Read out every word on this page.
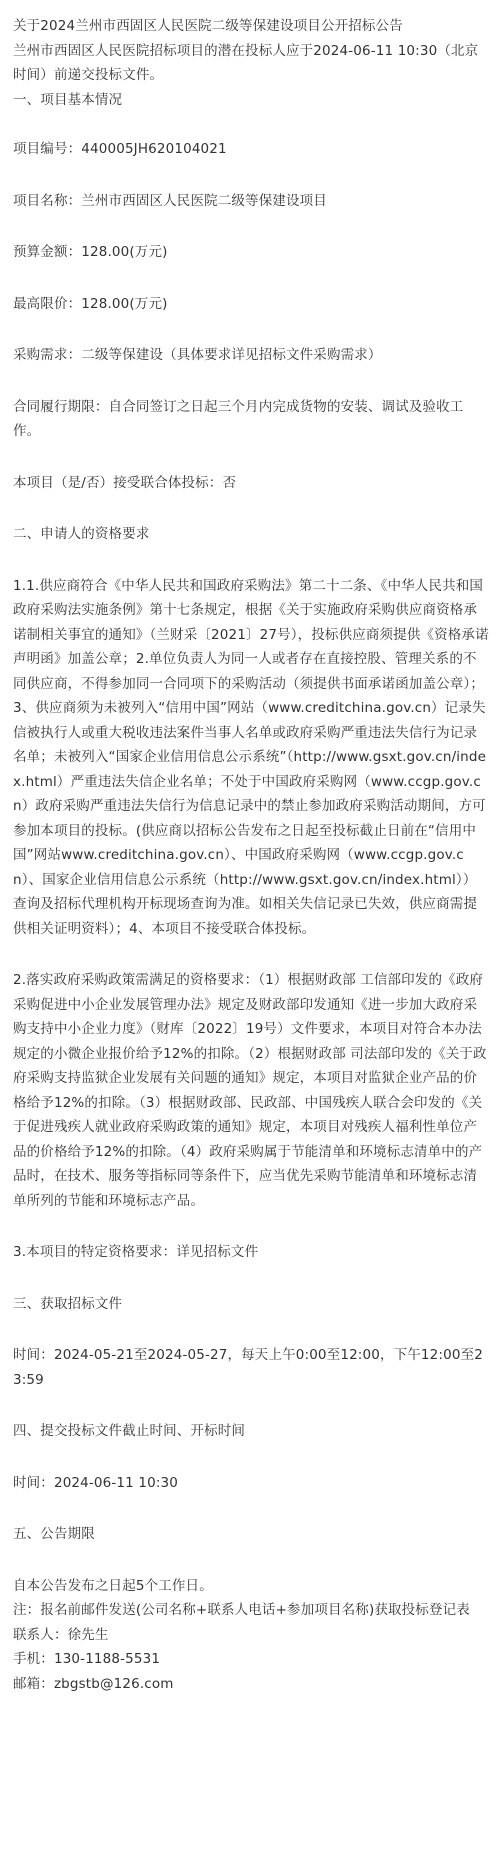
关于2024兰州市西固区人民医院二级等保建设项目公开招标公告

兰州市西固区人民医院招标项目的潜在投标人应于2024-06-11 10:30（北京时间）前递交投标文件。

一、项目基本情况

项目编号：440005JH620104021

项目名称：兰州市西固区人民医院二级等保建设项目

预算金额：128.00(万元)

最高限价：128.00(万元)

采购需求：二级等保建设（具体要求详见招标文件采购需求）

合同履行期限：自合同签订之日起三个月内完成货物的安装、调试及验收工作。

本项目（是/否）接受联合体投标：否

二、申请人的资格要求

1.1.供应商符合《中华人民共和国政府采购法》第二十二条、《中华人民共和国政府采购法实施条例》第十七条规定，根据《关于实施政府采购供应商资格承诺制相关事宜的通知》（兰财采〔2021〕27号），投标供应商须提供《资格承诺声明函》加盖公章；2.单位负责人为同一人或者存在直接控股、管理关系的不同供应商，不得参加同一合同项下的采购活动（须提供书面承诺函加盖公章）；3、供应商须为未被列入“信用中国”网站（www.creditchina.gov.cn）记录失信被执行人或重大税收违法案件当事人名单或政府采购严重违法失信行为记录名单；未被列入“国家企业信用信息公示系统”（http://www.gsxt.gov.cn/index.html）严重违法失信企业名单；不处于中国政府采购网（www.ccgp.gov.cn）政府采购严重违法失信行为信息记录中的禁止参加政府采购活动期间，方可参加本项目的投标。(供应商以招标公告发布之日起至投标截止日前在“信用中国”网站www.creditchina.gov.cn）、中国政府采购网（www.ccgp.gov.cn）、国家企业信用信息公示系统（http://www.gsxt.gov.cn/index.html））查询及招标代理机构开标现场查询为准。如相关失信记录已失效，供应商需提供相关证明资料）；4、本项目不接受联合体投标。

2.落实政府采购政策需满足的资格要求：（1）根据财政部 工信部印发的《政府采购促进中小企业发展管理办法》规定及财政部印发通知《进一步加大政府采购支持中小企业力度》（财库〔2022〕19号）文件要求，本项目对符合本办法规定的小微企业报价给予12%的扣除。（2）根据财政部 司法部印发的《关于政府采购支持监狱企业发展有关问题的通知》规定，本项目对监狱企业产品的价格给予12%的扣除。（3）根据财政部、民政部、中国残疾人联合会印发的《关于促进残疾人就业政府采购政策的通知》规定，本项目对残疾人福利性单位产品的价格给予12%的扣除。（4）政府采购属于节能清单和环境标志清单中的产品时，在技术、服务等指标同等条件下，应当优先采购节能清单和环境标志清单所列的节能和环境标志产品。

3.本项目的特定资格要求：详见招标文件

三、获取招标文件

时间：2024-05-21至2024-05-27，每天上午0:00至12:00，下午12:00至23:59

四、提交投标文件截止时间、开标时间

时间：2024-06-11 10:30

五、公告期限

自本公告发布之日起5个工作日。

注：报名前邮件发送(公司名称+联系人电话+参加项目名称)获取投标登记表

联系人：徐先生

手机：130-1188-5531

邮箱：zbgstb@126.com
